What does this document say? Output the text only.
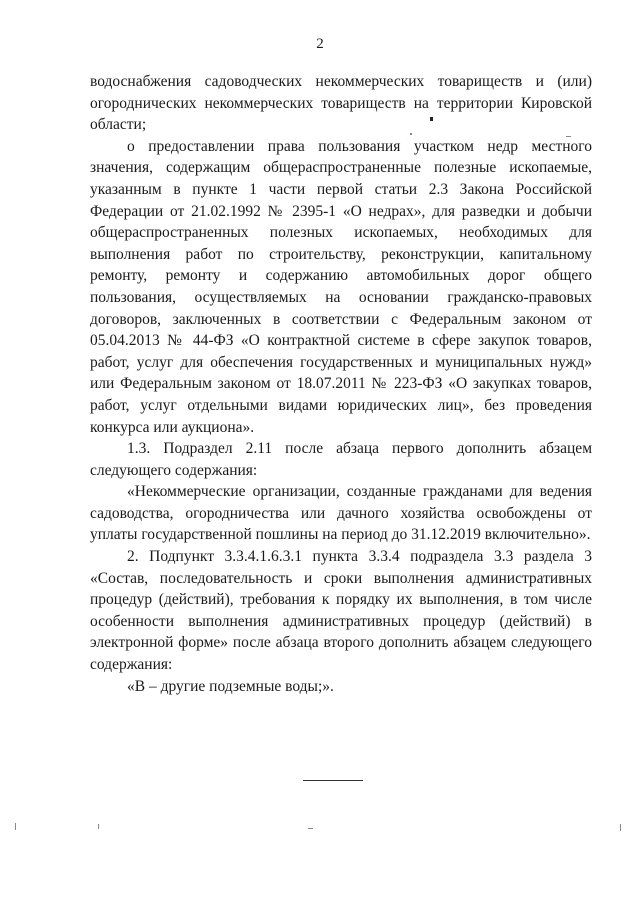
2

водоснабжения садоводческих некоммерческих товариществ и (или) огороднических некоммерческих товариществ на территории Кировской области;

о предоставлении права пользования участком недр местного значения, содержащим общераспространенные полезные ископаемые, указанным в пункте 1 части первой статьи 2.3 Закона Российской Федерации от 21.02.1992 № 2395-1 «О недрах», для разведки и добычи общераспространенных полезных ископаемых, необходимых для выполнения работ по строительству, реконструкции, капитальному ремонту, ремонту и содержанию автомобильных дорог общего пользования, осуществляемых на основании гражданско-правовых договоров, заключенных в соответствии с Федеральным законом от 05.04.2013 № 44-ФЗ «О контрактной системе в сфере закупок товаров, работ, услуг для обеспечения государственных и муниципальных нужд» или Федеральным законом от 18.07.2011 № 223-ФЗ «О закупках товаров, работ, услуг отдельными видами юридических лиц», без проведения конкурса или аукциона».

1.3. Подраздел 2.11 после абзаца первого дополнить абзацем следующего содержания:

«Некоммерческие организации, созданные гражданами для ведения садоводства, огородничества или дачного хозяйства освобождены от уплаты государственной пошлины на период до 31.12.2019 включительно».

2. Подпункт 3.3.4.1.6.3.1 пункта 3.3.4 подраздела 3.3 раздела 3 «Состав, последовательность и сроки выполнения административных процедур (действий), требования к порядку их выполнения, в том числе особенности выполнения административных процедур (действий) в электронной форме» после абзаца второго дополнить абзацем следующего содержания:

«В – другие подземные воды;».
